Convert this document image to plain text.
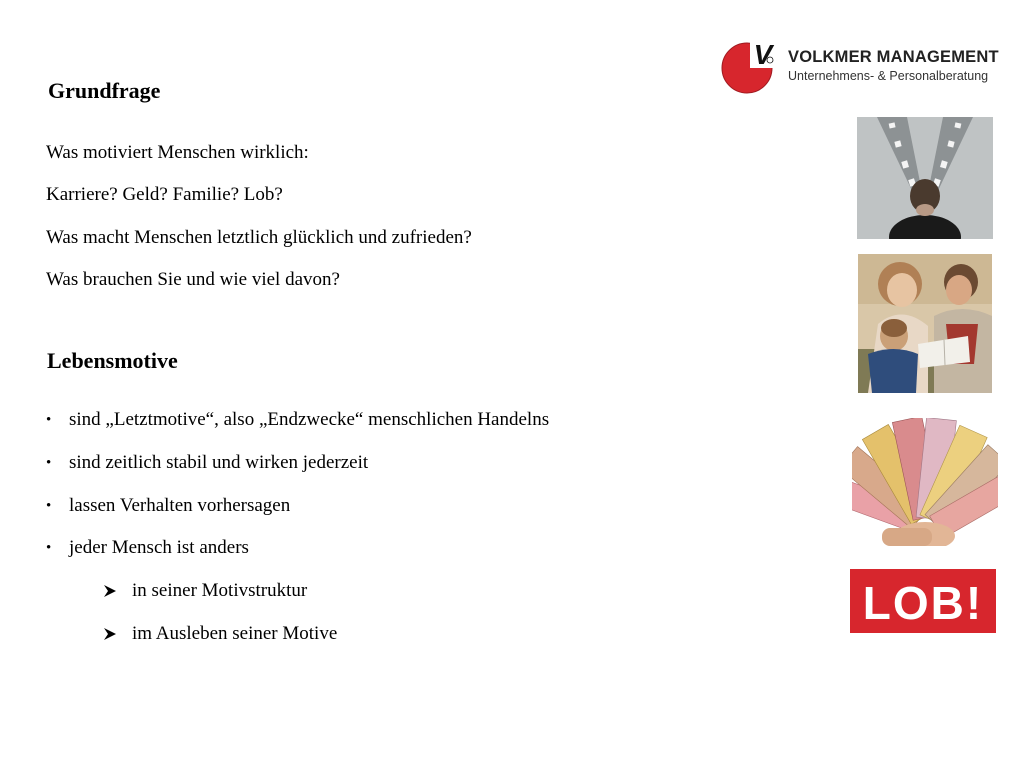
V VOLKMER MANAGEMENT
Unternehmens- & Personalberatung
Grundfrage

Was motiviert Menschen wirklich:

Karriere? Geld? Familie? Lob?

Was macht Menschen letztlich glücklich und zufrieden?

Was brauchen Sie und wie viel davon?

Lebensmotive
• sind „Letztmotive“, also „Endzwecke“ menschlichen Handelns
• sind zeitlich stabil und wirken jederzeit
• lassen Verhalten vorhersagen
• jeder Mensch ist anders
in seiner Motivstruktur
im Ausleben seiner Motive
LOB!
